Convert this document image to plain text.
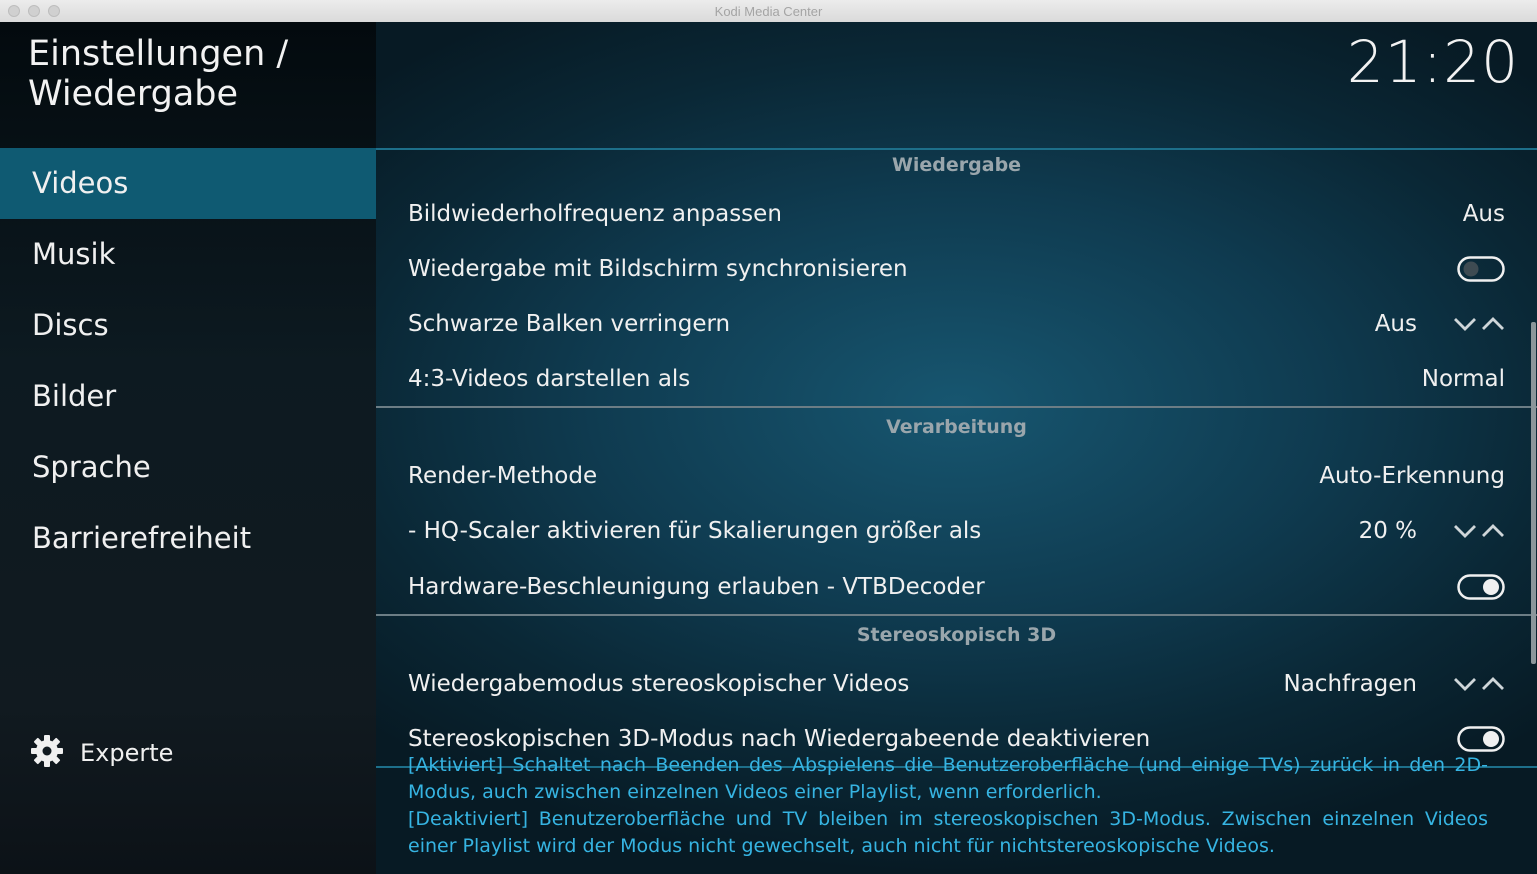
Kodi Media Center
Einstellungen / Wiedergabe
Videos
Musik
Discs
Bilder
Sprache
Barrierefreiheit
Experte
21:20
Wiedergabe
Bildwiederholfrequenz anpassen	Aus
Wiedergabe mit Bildschirm synchronisieren
Schwarze Balken verringern	Aus
4:3-Videos darstellen als	Normal
Verarbeitung
Render-Methode	Auto-Erkennung
- HQ-Scaler aktivieren für Skalierungen größer als	20 %
Hardware-Beschleunigung erlauben - VTBDecoder
Stereoskopisch 3D
Wiedergabemodus stereoskopischer Videos	Nachfragen
Stereoskopischen 3D-Modus nach Wiedergabeende deaktivieren

[Aktiviert] Schaltet nach Beenden des Abspielens die Benutzeroberfläche (und einige TVs) zurück in den 2D-Modus, auch zwischen einzelnen Videos einer Playlist, wenn erforderlich.

[Deaktiviert] Benutzeroberfläche und TV bleiben im stereoskopischen 3D-Modus. Zwischen einzelnen Videos einer Playlist wird der Modus nicht gewechselt, auch nicht für nichtstereoskopische Videos.
